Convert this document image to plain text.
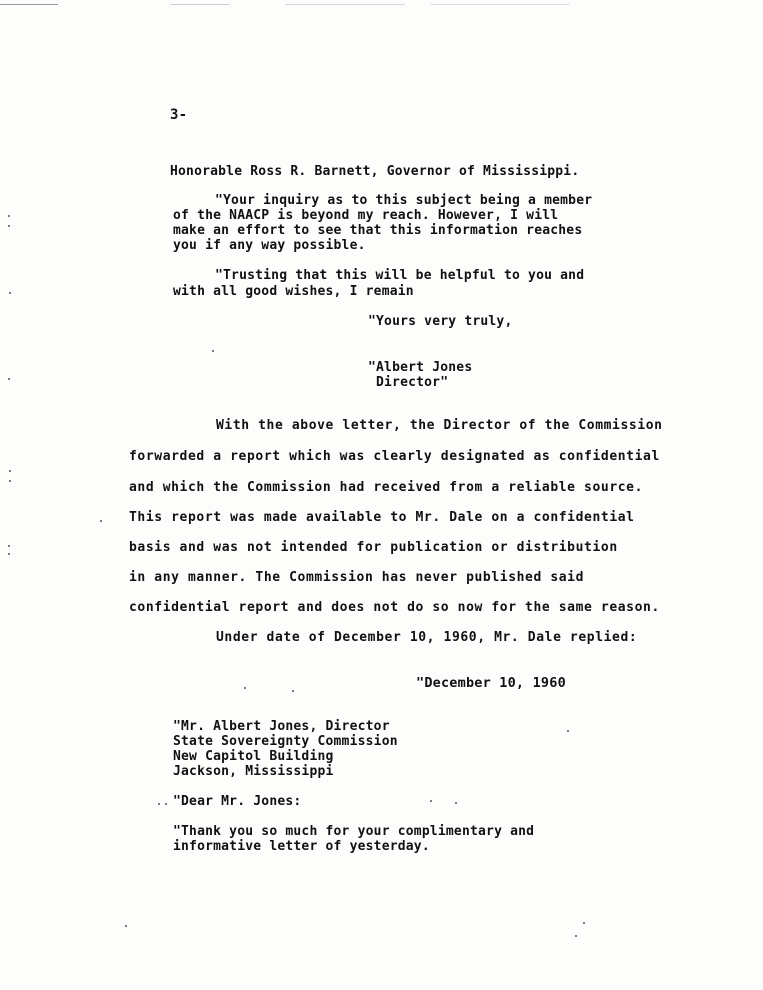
3-
Honorable Ross R. Barnett, Governor of Mississippi.
"Your inquiry as to this subject being a member
of the NAACP is beyond my reach. However, I will
make an effort to see that this information reaches
you if any way possible.
"Trusting that this will be helpful to you and
with all good wishes, I remain
"Yours very truly,
"Albert Jones
Director"
With the above letter, the Director of the Commission
forwarded a report which was clearly designated as confidential
and which the Commission had received from a reliable source.
This report was made available to Mr. Dale on a confidential
basis and was not intended for publication or distribution
in any manner. The Commission has never published said
confidential report and does not do so now for the same reason.
Under date of December 10, 1960, Mr. Dale replied:
"December 10, 1960
"Mr. Albert Jones, Director
State Sovereignty Commission
New Capitol Building
Jackson, Mississippi
"Dear Mr. Jones:
"Thank you so much for your complimentary and
informative letter of yesterday.
